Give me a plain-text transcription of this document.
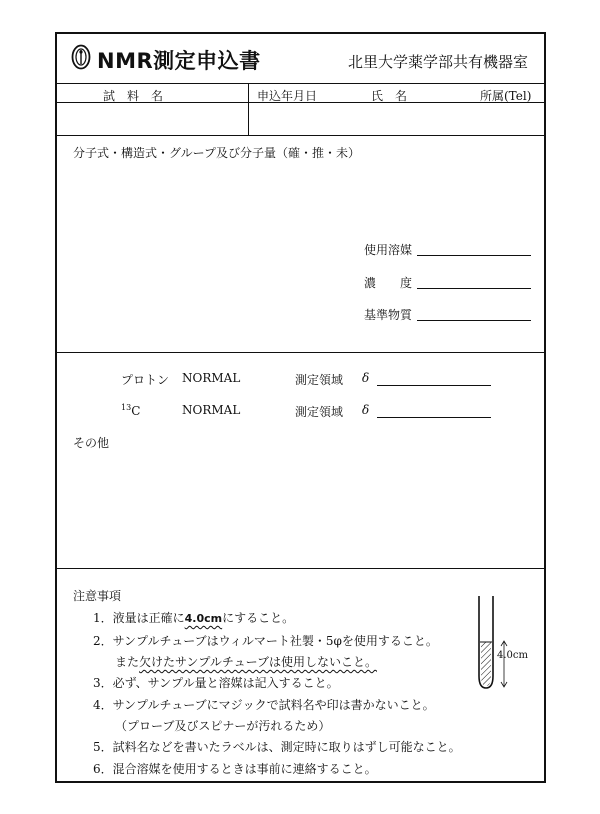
NMR測定申込書	北里大学薬学部共有機器室
試　料　名	申込年月日	氏　名	所属(Tel)
分子式・構造式・グループ及び分子量（確・推・未）
使用溶媒
濃　　度
基準物質
プロトン NORMAL	測定領域 δ
$^{13}$C	NORMAL	測定領域 δ
その他
注意事項
1．液量は正確に4.0cmにすること。
2．サンプルチューブはウィルマート社製・5φを使用すること。
また欠けたサンプルチューブは使用しないこと。
3．必ず、サンプル量と溶媒は記入すること。
4．サンプルチューブにマジックで試料名や印は書かないこと。
（プローブ及びスピナーが汚れるため）
5．試料名などを書いたラベルは、測定時に取りはずし可能なこと。
6．混合溶媒を使用するときは事前に連絡すること。
4.0cm
